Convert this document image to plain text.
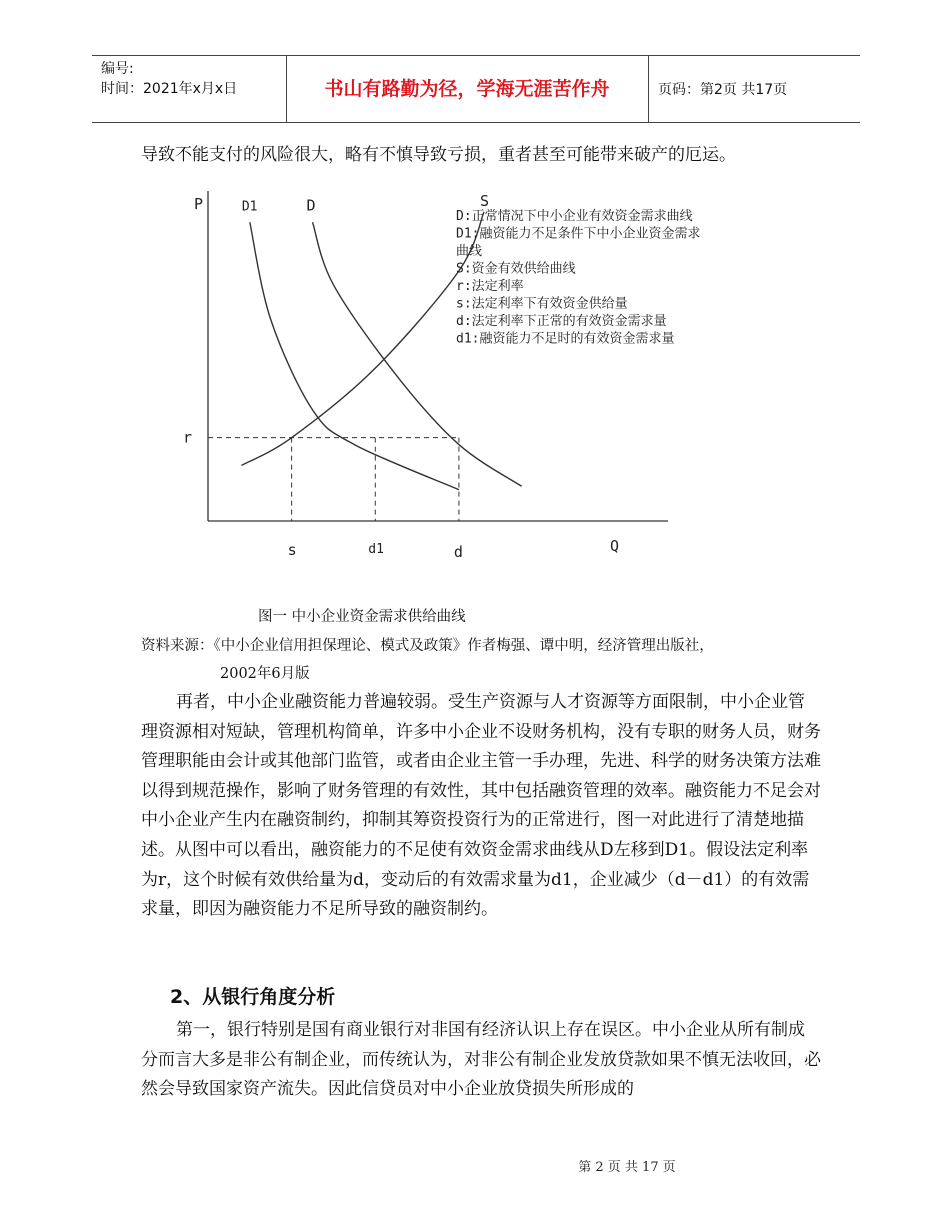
编号:
时间：2021年x月x日	书山有路勤为径，学海无涯苦作舟	页码：第2页 共17页

导致不能支付的风险很大，略有不慎导致亏损，重者甚至可能带来破产的厄运。

P
Q
D1	D	S
r
s	d1	d
D:正常情况下中小企业有效资金需求曲线
D1:融资能力不足条件下中小企业资金需求
曲线
S:资金有效供给曲线
r:法定利率
s:法定利率下有效资金供给量
d:法定利率下正常的有效资金需求量
d1:融资能力不足时的有效资金需求量
图一 中小企业资金需求供给曲线
资料来源：《中小企业信用担保理论、模式及政策》作者梅强、谭中明，经济管理出版社，
2002年6月版

再者，中小企业融资能力普遍较弱。受生产资源与人才资源等方面限制，中小企业管理资源相对短缺，管理机构简单，许多中小企业不设财务机构，没有专职的财务人员，财务管理职能由会计或其他部门监管，或者由企业主管一手办理，先进、科学的财务决策方法难以得到规范操作，影响了财务管理的有效性，其中包括融资管理的效率。融资能力不足会对中小企业产生内在融资制约，抑制其筹资投资行为的正常进行，图一对此进行了清楚地描述。从图中可以看出，融资能力的不足使有效资金需求曲线从D左移到D1。假设法定利率为r，这个时候有效供给量为d，变动后的有效需求量为d1，企业减少（d－d1）的有效需求量，即因为融资能力不足所导致的融资制约。

2、从银行角度分析

第一，银行特别是国有商业银行对非国有经济认识上存在误区。中小企业从所有制成分而言大多是非公有制企业，而传统认为，对非公有制企业发放贷款如果不慎无法收回，必然会导致国家资产流失。因此信贷员对中小企业放贷损失所形成的

第 2 页 共 17 页
